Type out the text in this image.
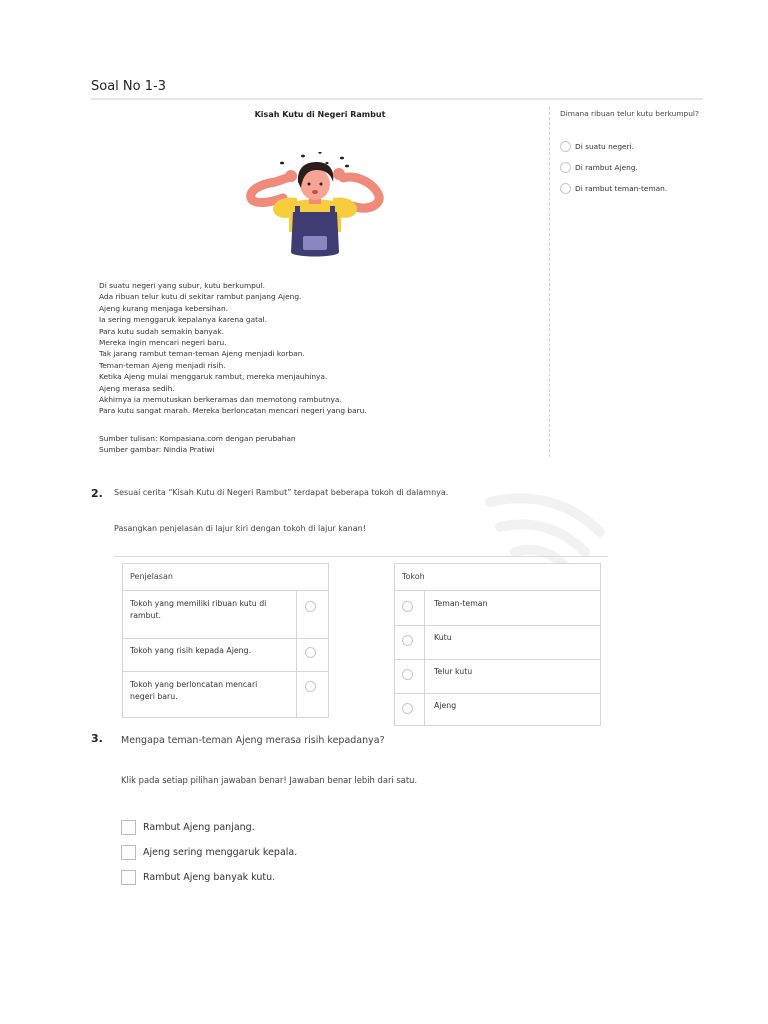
Soal No 1-3
Kisah Kutu di Negeri Rambut
Di suatu negeri yang subur, kutu berkumpul.
Ada ribuan telur kutu di sekitar rambut panjang Ajeng.
Ajeng kurang menjaga kebersihan.
Ia sering menggaruk kepalanya karena gatal.
Para kutu sudah semakin banyak.
Mereka ingin mencari negeri baru.
Tak jarang rambut teman-teman Ajeng menjadi korban.
Teman-teman Ajeng menjadi risih.
Ketika Ajeng mulai menggaruk rambut, mereka menjauhinya.
Ajeng merasa sedih.
Akhirnya ia memutuskan berkeramas dan memotong rambutnya.
Para kutu sangat marah. Mereka berloncatan mencari negeri yang baru.
Sumber tulisan: Kompasiana.com dengan perubahan
Sumber gambar: Nindia Pratiwi
Dimana ribuan telur kutu berkumpul?
Di suatu negeri.
Di rambut Ajeng.
Di rambut teman-teman.
2. Sesuai cerita “Kisah Kutu di Negeri Rambut” terdapat beberapa tokoh di dalamnya.
Pasangkan penjelasan di lajur kiri dengan tokoh di lajur kanan!
Penjelasan
Tokoh yang memiliki ribuan kutu di
rambut.
Tokoh yang risih kepada Ajeng.
Tokoh yang berloncatan mencari
negeri baru.
Tokoh
Teman-teman
Kutu
Telur kutu
Ajeng
3. Mengapa teman-teman Ajeng merasa risih kepadanya?
Klik pada setiap pilihan jawaban benar! Jawaban benar lebih dari satu.
Rambut Ajeng panjang.
Ajeng sering menggaruk kepala.
Rambut Ajeng banyak kutu.
